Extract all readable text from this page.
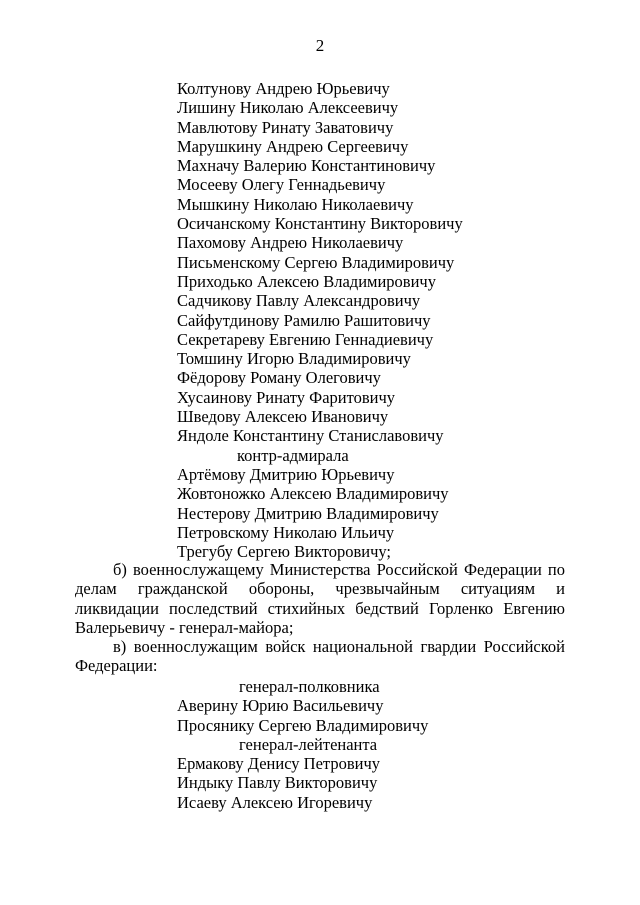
2
Колтунову Андрею Юрьевичу
Лишину Николаю Алексеевичу
Мавлютову Ринату Заватовичу
Марушкину Андрею Сергеевичу
Махначу Валерию Константиновичу
Мосееву Олегу Геннадьевичу
Мышкину Николаю Николаевичу
Осичанскому Константину Викторовичу
Пахомову Андрею Николаевичу
Письменскому Сергею Владимировичу
Приходько Алексею Владимировичу
Садчикову Павлу Александровичу
Сайфутдинову Рамилю Рашитовичу
Секретареву Евгению Геннадиевичу
Томшину Игорю Владимировичу
Фёдорову Роману Олеговичу
Хусаинову Ринату Фаритовичу
Шведову Алексею Ивановичу
Яндоле Константину Станиславовичу
контр-адмирала
Артёмову Дмитрию Юрьевичу
Жовтоножко Алексею Владимировичу
Нестерову Дмитрию Владимировичу
Петровскому Николаю Ильичу
Трегубу Сергею Викторовичу;
б) военнослужащему Министерства Российской Федерации по делам гражданской обороны, чрезвычайным ситуациям и ликвидации последствий стихийных бедствий Горленко Евгению Валерьевичу - генерал-майора;
в) военнослужащим войск национальной гвардии Российской Федерации:
генерал-полковника
Аверину Юрию Васильевичу
Просянику Сергею Владимировичу
генерал-лейтенанта
Ермакову Денису Петровичу
Индыку Павлу Викторовичу
Исаеву Алексею Игоревичу
